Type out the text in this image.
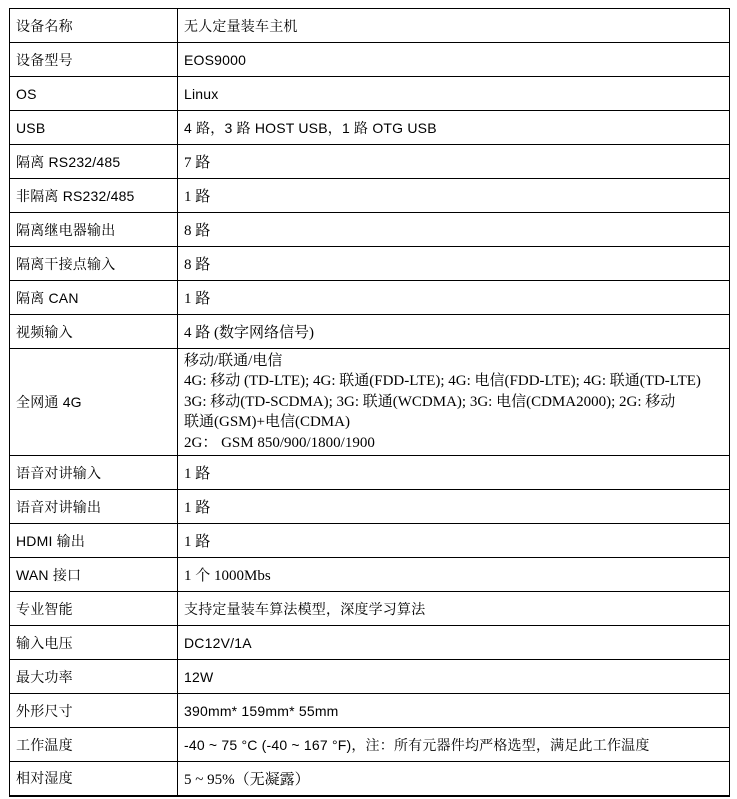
设备名称	无人定量装车主机
设备型号	EOS9000
OS	Linux
USB	4 路，3 路 HOST USB，1 路 OTG USB
隔离 RS232/485	7 路
非隔离 RS232/485	1 路
隔离继电器输出	8 路
隔离干接点输入	8 路
隔离 CAN	1 路
视频输入	4 路 (数字网络信号)
全网通 4G	移动/联通/电信
4G: 移动 (TD-LTE); 4G: 联通(FDD-LTE); 4G: 电信(FDD-LTE); 4G: 联通(TD-LTE)
3G: 移动(TD-SCDMA); 3G: 联通(WCDMA); 3G: 电信(CDMA2000); 2G: 移动
联通(GSM)+电信(CDMA)
2G： GSM 850/900/1800/1900

语音对讲输入	1 路
语音对讲输出	1 路
HDMI 输出	1 路
WAN 接口	1 个 1000Mbs
专业智能	支持定量装车算法模型，深度学习算法
输入电压	DC12V/1A
最大功率	12W
外形尺寸	390mm* 159mm* 55mm
工作温度	-40 ~ 75 °C (-40 ~ 167 °F)，注：所有元器件均严格选型，满足此工作温度
相对湿度	5 ~ 95%（无凝露）
